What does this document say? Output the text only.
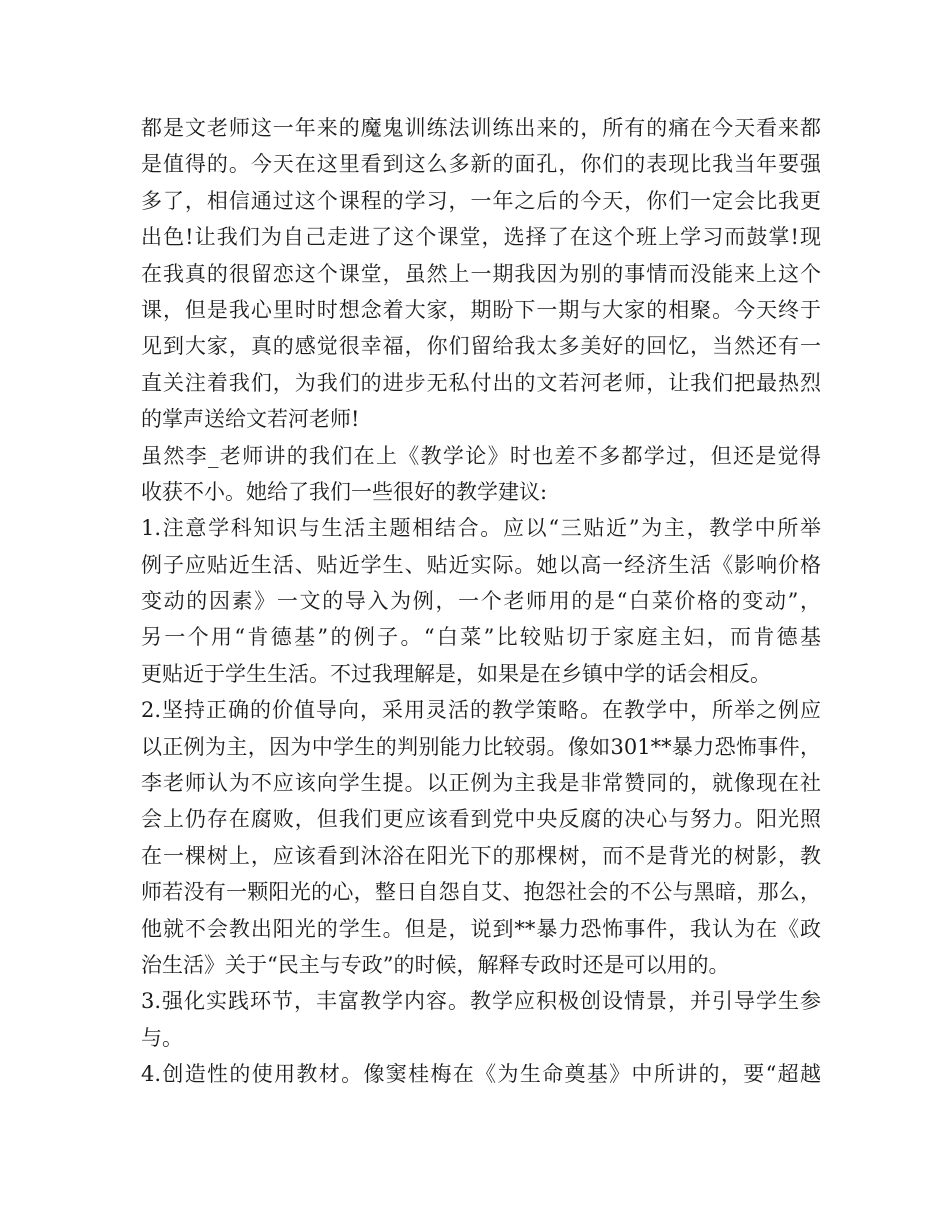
都是文老师这一年来的魔鬼训练法训练出来的，所有的痛在今天看来都
是值得的。今天在这里看到这么多新的面孔，你们的表现比我当年要强
多了，相信通过这个课程的学习，一年之后的今天，你们一定会比我更
出色!让我们为自己走进了这个课堂，选择了在这个班上学习而鼓掌!现
在我真的很留恋这个课堂，虽然上一期我因为别的事情而没能来上这个
课，但是我心里时时想念着大家，期盼下一期与大家的相聚。今天终于
见到大家，真的感觉很幸福，你们留给我太多美好的回忆，当然还有一
直关注着我们，为我们的进步无私付出的文若河老师，让我们把最热烈
的掌声送给文若河老师!
虽然李_老师讲的我们在上《教学论》时也差不多都学过，但还是觉得
收获不小。她给了我们一些很好的教学建议:
1.注意学科知识与生活主题相结合。应以“三贴近”为主，教学中所举
例子应贴近生活、贴近学生、贴近实际。她以高一经济生活《影响价格
变动的因素》一文的导入为例，一个老师用的是“白菜价格的变动”，
另一个用“肯德基”的例子。“白菜”比较贴切于家庭主妇，而肯德基
更贴近于学生生活。不过我理解是，如果是在乡镇中学的话会相反。
2.坚持正确的价值导向，采用灵活的教学策略。在教学中，所举之例应
以正例为主，因为中学生的判别能力比较弱。像如301**暴力恐怖事件，
李老师认为不应该向学生提。以正例为主我是非常赞同的，就像现在社
会上仍存在腐败，但我们更应该看到党中央反腐的决心与努力。阳光照
在一棵树上，应该看到沐浴在阳光下的那棵树，而不是背光的树影，教
师若没有一颗阳光的心，整日自怨自艾、抱怨社会的不公与黑暗，那么，
他就不会教出阳光的学生。但是，说到**暴力恐怖事件，我认为在《政
治生活》关于“民主与专政”的时候，解释专政时还是可以用的。
3.强化实践环节，丰富教学内容。教学应积极创设情景，并引导学生参
与。
4.创造性的使用教材。像窦桂梅在《为生命奠基》中所讲的，要“超越
